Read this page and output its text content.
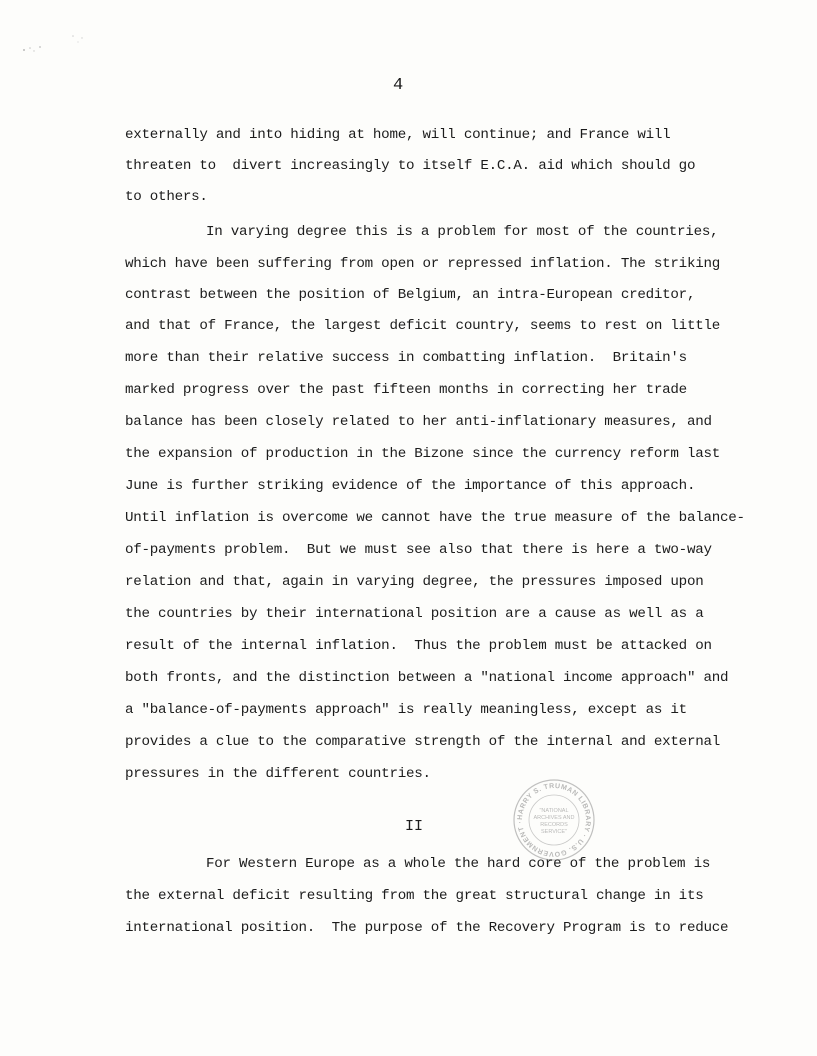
4
externally and into hiding at home, will continue; and France will
threaten to  divert increasingly to itself E.C.A. aid which should go
to others.
In varying degree this is a problem for most of the countries,
which have been suffering from open or repressed inflation. The striking
contrast between the position of Belgium, an intra-European creditor,
and that of France, the largest deficit country, seems to rest on little
more than their relative success in combatting inflation.  Britain's
marked progress over the past fifteen months in correcting her trade
balance has been closely related to her anti-inflationary measures, and
the expansion of production in the Bizone since the currency reform last
June is further striking evidence of the importance of this approach.
Until inflation is overcome we cannot have the true measure of the balance-
of-payments problem.  But we must see also that there is here a two-way
relation and that, again in varying degree, the pressures imposed upon
the countries by their international position are a cause as well as a
result of the internal inflation.  Thus the problem must be attacked on
both fronts, and the distinction between a "national income approach" and
a "balance-of-payments approach" is really meaningless, except as it
provides a clue to the comparative strength of the internal and external
pressures in the different countries.
II
HARRY S. TRUMAN LIBRARY · U.S. GOVERNMENT ·
"NATIONAL
ARCHIVES AND
RECORDS
SERVICE"
For Western Europe as a whole the hard core of the problem is
the external deficit resulting from the great structural change in its
international position.  The purpose of the Recovery Program is to reduce
